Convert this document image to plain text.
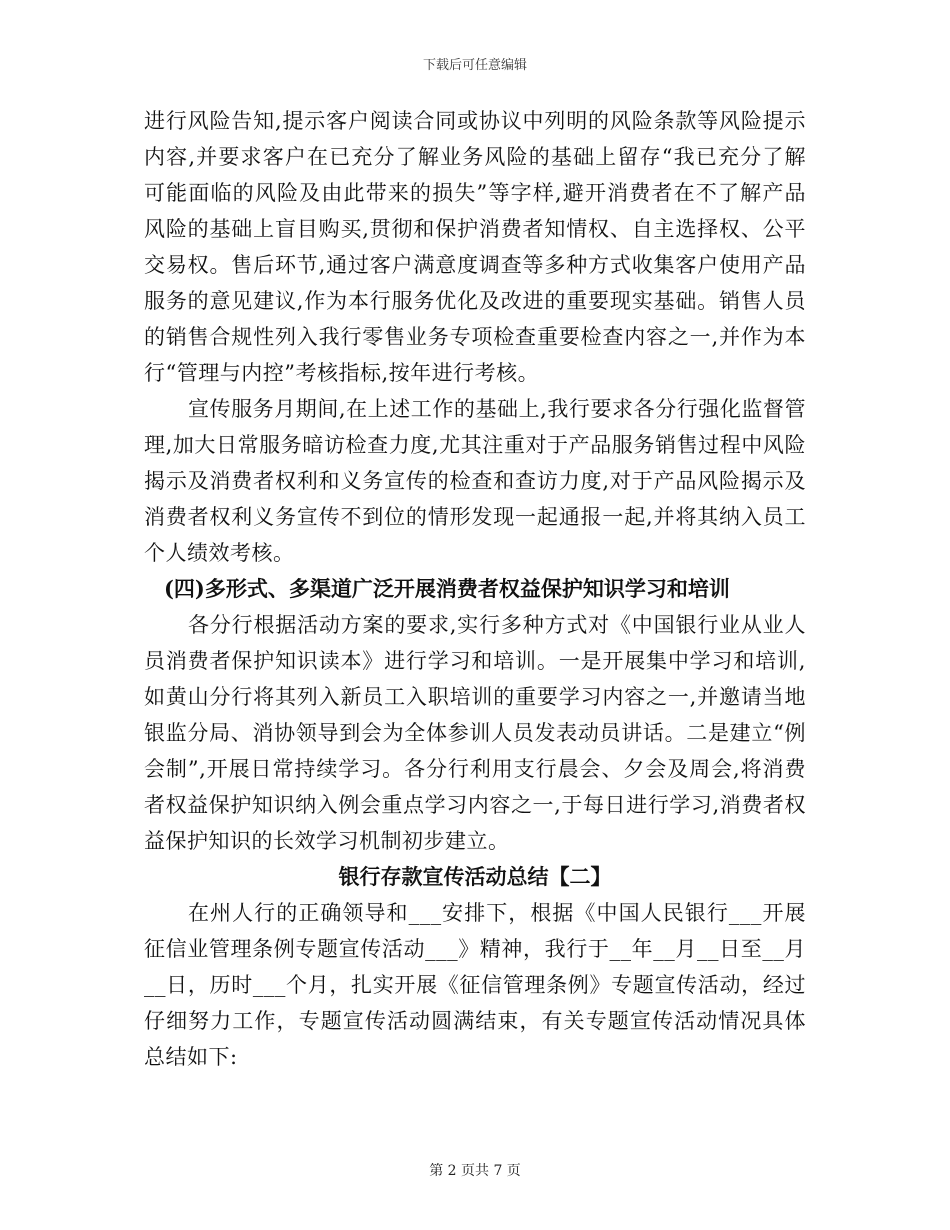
下载后可任意编辑

进行风险告知,提示客户阅读合同或协议中列明的风险条款等风险提示内容,并要求客户在已充分了解业务风险的基础上留存“我已充分了解可能面临的风险及由此带来的损失”等字样,避开消费者在不了解产品风险的基础上盲目购买,贯彻和保护消费者知情权、自主选择权、公平交易权。售后环节,通过客户满意度调查等多种方式收集客户使用产品服务的意见建议,作为本行服务优化及改进的重要现实基础。销售人员的销售合规性列入我行零售业务专项检查重要检查内容之一,并作为本行“管理与内控”考核指标,按年进行考核。

宣传服务月期间,在上述工作的基础上,我行要求各分行强化监督管理,加大日常服务暗访检查力度,尤其注重对于产品服务销售过程中风险揭示及消费者权利和义务宣传的检查和查访力度,对于产品风险揭示及消费者权利义务宣传不到位的情形发现一起通报一起,并将其纳入员工个人绩效考核。

(四)多形式、多渠道广泛开展消费者权益保护知识学习和培训

各分行根据活动方案的要求,实行多种方式对《中国银行业从业人员消费者保护知识读本》进行学习和培训。一是开展集中学习和培训,如黄山分行将其列入新员工入职培训的重要学习内容之一,并邀请当地银监分局、消协领导到会为全体参训人员发表动员讲话。二是建立“例会制”,开展日常持续学习。各分行利用支行晨会、夕会及周会,将消费者权益保护知识纳入例会重点学习内容之一,于每日进行学习,消费者权益保护知识的长效学习机制初步建立。

银行存款宣传活动总结【二】

在州人行的正确领导和___安排下，根据《中国人民银行___开展征信业管理条例专题宣传活动___》精神，我行于__年__月__日至__月__日，历时___个月，扎实开展《征信管理条例》专题宣传活动，经过仔细努力工作，专题宣传活动圆满结束，有关专题宣传活动情况具体总结如下:

第 2 页共 7 页
